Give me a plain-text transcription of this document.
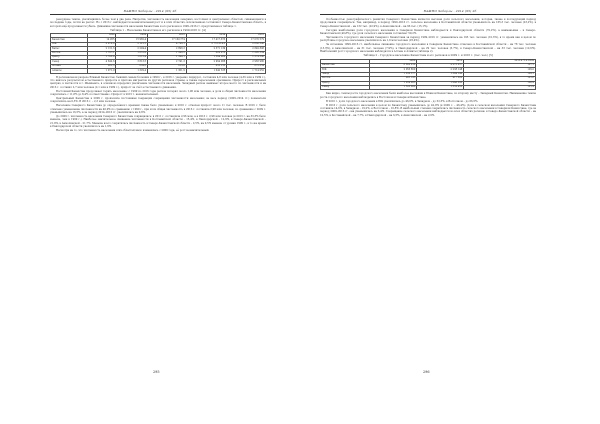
ВАЖНО Хабарлы · 2014 (95) 2б

рекордные темпы, увеличившись более чем в два раза. Напротив, численность населения северных, восточных и центральных областей, снижающаяся в последние годы, почти не растёт. Но с 2013 г. наблюдается незначительный рост и в этих областях, исключением составляют Северо-Казахстанская область, в которой ещё продолжается убыль. Динамика численности населения Казахстана и его регионов в 1999–2016 гг. представлена в таблице 1.

Таблица 1 – Население Казахстана и его регионов в 1999-2016 гг. [4]
	1999	2009	2016	2014	2016
Казахстан	14 955	15 982,4	17 160,774	17 417,673	17 670 579
ЮК	2 978,6	3 121,1	4 796,1	2 731 614,3	2 862 398
Батыс	2 131,3	2 294,4	2 898,3	2 371 139	2 849 808
Восток	1 767,1	1 831,0	1 398,5	622 975	1 395 334
Центр	1 705,0	1 615,4	1 394,1	1 364 082	1 374 396
Север	4 642,6	3 813,5	2 741,3	2 964 088	2 983 986
Астана	281,3	639,3	613,0	835 153	872 654
Алматы	1 071,9	1 329,4	1 361,9	1 642 335	1 714 052

В региональном разрезе Южный Казахстан, бывший самым большим в 1999 г., в 2016 г. уверенно лидирует, составляя 4,8 млн человек (4,36 млн в 1999 г.), что явилось результатом естественного прироста и притока мигрантов из других регионов страны, а также переселения оралманов. Прирост в региональных центрах, в частности в г. Шымкенте, в основном определил увеличение численности населения. Западный регион занимает второе место по численности и на 2016 г. составил 2,7 млн человек (2,1 млн в 1999 г.), прирост за счёт естественного движения.

Восточный Казахстан продолжает терять население: с 1999 по 2016 годы регион потерял около 1,96 млн человек, а доля в общей численности населения сократилась с 11,8% до 8,4% соответственно. Прирост в 2015 г. незначительный.

Центральный Казахстан в 2009 г. произошла постоянная тенденция сокращения численности населения; за весь период (2009–2014 гг.) показатели сократились на 0,3%. В 2016 г. – 2,3 млн человек.

Население Северного Казахстана до определённого времени также было уменьшено; в 2016 г. отмечен прирост около 11 тыс. человек. В 2016 г. было отмечено уменьшение численности на 40,9% по сравнению с 1999 г., при этом общая численность в 2016 г. составила 2,98 млн человек; по сравнению с 2009 г. уменьшилась на 16,5%, а за период 2014–2016 гг. увеличилась на 0,6%.

До 2009 г. численность населения Северного Казахстана сокращалась; в 2011 г. составляла 2,96 млн, а в 2016 г. 2,98 млн человек (в 2013 г. на 33,3% было меньше, чем в 1999 г.). Наиболее значительное снижение численности в Костанайской области – 15,4%, в Павлодарской – 12,9%, в Северо-Казахстанской – 21,9%, в Акмолинской – 21,7%. Меньше всего сократилась численность в Северо-Казахстанской области – 2,5%, на 0,5% меньше от уровня 1999 г., в то же время в Павлодарской области увеличилось на 1,9%.

Несмотря на то, что численность населения этих областей мало изменилась с 2009 года, её рост незначительный.

295
ВАЖНО Хабарлы · 2014 (95) 2б

Особенностью демографического развития Северного Казахстана является высокая доля сельского населения, которая, также в последующий период продолжала сокращаться. Так, например, в период 1999–2016 гг. сельское население в Костанайской области уменьшилось на 165,3 тыс. человек (23,2%), в Северо-Казахстанской – на 132 тыс. (22,9%), в Акмолинской – на 96 тыс. (15,1%).

Сегодня наибольшая доля городского населения в Северном Казахстане наблюдается в Павлодарской области (70,2%), а наименьшая – в Северо-Казахстанской (40,8%), где доля сельского населения составляет 59,2%.

Численность городского населения Северного Казахстана за период 1999–2016 гг. уменьшилась на 193 тыс. человек (10,3%), в то время как в целом по республике городское население увеличилось на 1,9 млн человек (25,4%).

За истекшие 1999–2016 гг. наибольшее снижение городского населения в Северном Казахстане отмечено в Костанайской области – на 78 тыс. человек (13,3%), в Акмолинской – на 31 тыс. человек (7,9%), в Павлодарской – на 29 тыс. человек (5,7%), в Северо-Казахстанской – на 33 тыс. человек (12,6%). Наибольший рост городского населения наблюдался в Астане и Алматы (таблица 2).

Таблица 2 – Городское население Казахстана и его регионов в 2009 г. и 2016 г. (тыс. чел.) [5]
	2009	2016	2016 в % к 2009
Казахстан	8 662 919	9 273 657	107,1
ЮК	2 053 869	2 238 148	109,0
Запад	1 236 577	1 349 146	109,1
Восток	901 195	917 502	101,8
Центр	1 039 005	1 048 395	100,9
Север	1 523 862	1 552 453	101,9

Как видно, темпы роста городского населения были наиболее высокими в Южном Казахстане, по второму месту – Западный Казахстан. Наименьшие темпы роста городского населения наблюдались в Восточном и Северном Казахстане.

В 2016 г. доля городского населения в ЮК увеличилась до 46,6%, в Западном – до 52,5%, в Восточном – до 66,5%.

В 2016 г. доля сельского населения в целом по Казахстану уменьшилась до 42,9% (в 2009 г. – 46,4%). Доля в сельском населении Северного Казахстана составила 14,6%, в Западном – 19,2%, в Восточном – 10,8%. В наибольшей степени сократилась численность сельского населения в Северном Казахстане, где за период 2009–2016 гг. она уменьшилась на 6,4%. Сокращение сельского населения наблюдается во всех областях региона; в Северо-Казахстанской области – на 10,5%, в Костанайской – на 7,7%, в Павлодарской – на 6,5%, в Акмолинской – на 2,0%.

296
